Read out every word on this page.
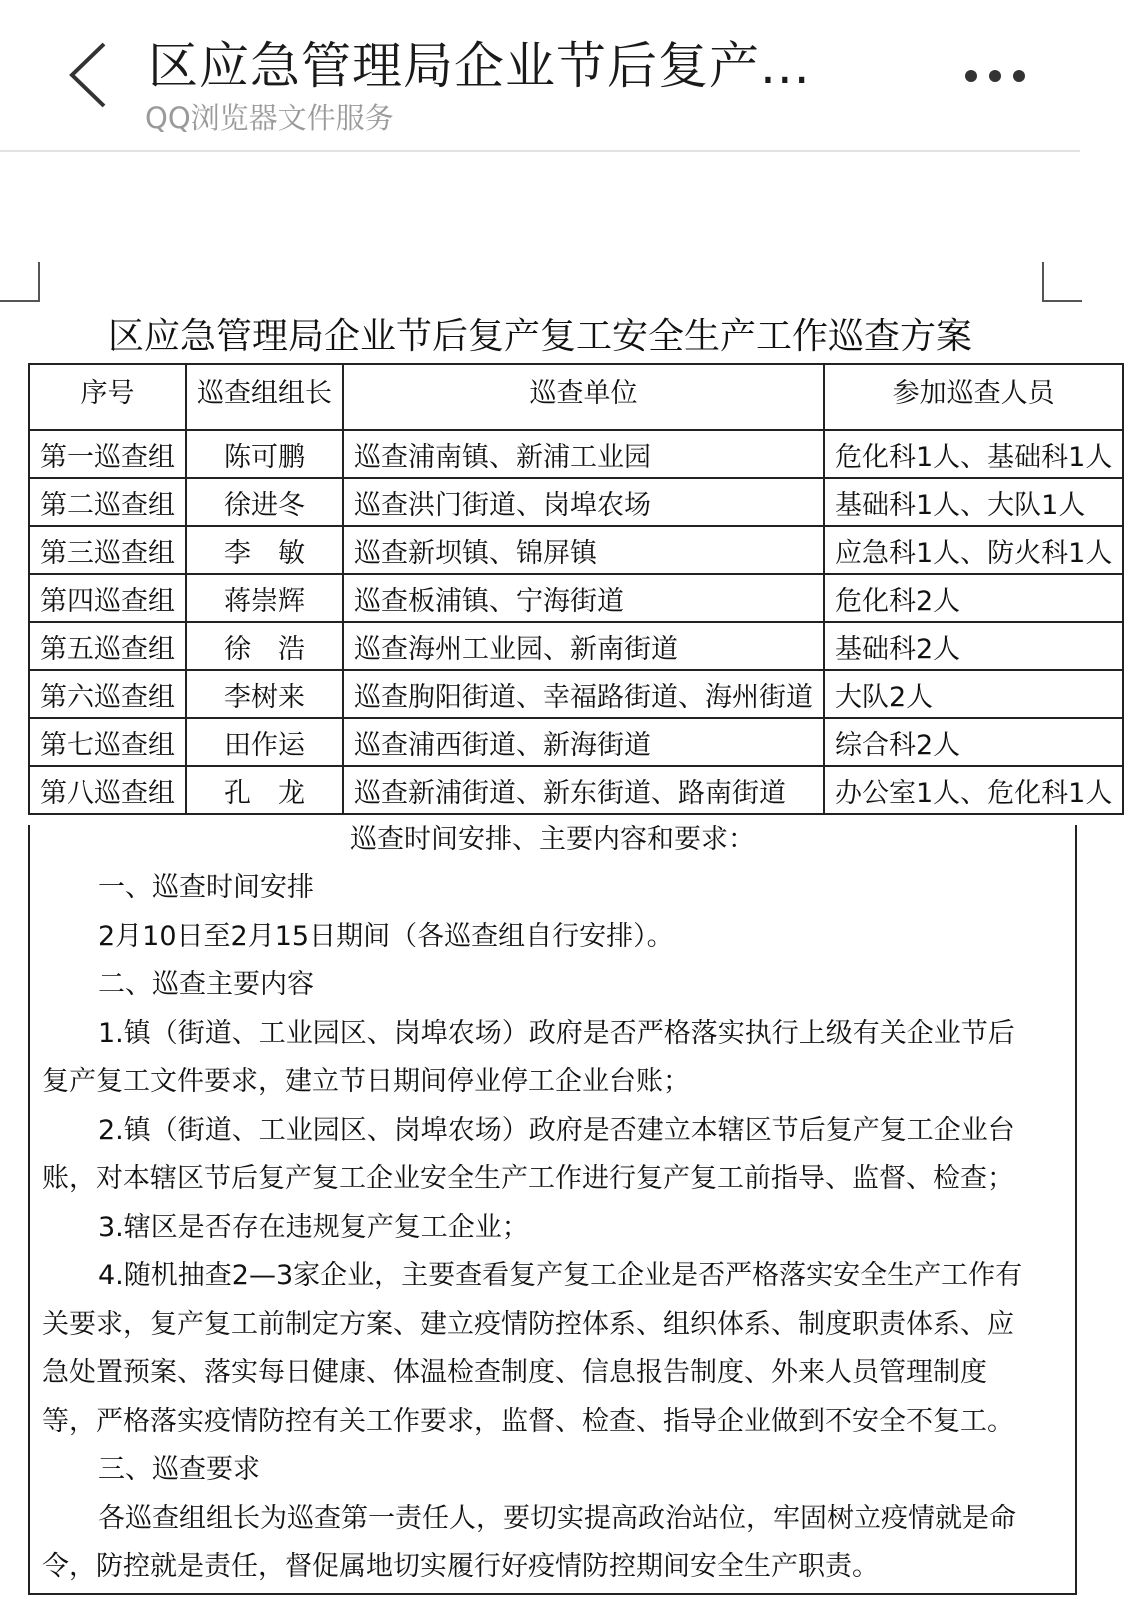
区应急管理局企业节后复产...
QQ浏览器文件服务
区应急管理局企业节后复产复工安全生产工作巡查方案
序号	巡查组组长	巡查单位	参加巡查人员
第一巡查组	陈可鹏	巡查浦南镇、新浦工业园	危化科1人、基础科1人
第二巡查组	徐进冬	巡查洪门街道、岗埠农场	基础科1人、大队1人
第三巡查组	李　敏	巡查新坝镇、锦屏镇	应急科1人、防火科1人
第四巡查组	蒋崇辉	巡查板浦镇、宁海街道	危化科2人
第五巡查组	徐　浩	巡查海州工业园、新南街道	基础科2人
第六巡查组	李树来	巡查朐阳街道、幸福路街道、海州街道	大队2人
第七巡查组	田作运	巡查浦西街道、新海街道	综合科2人
第八巡查组	孔　龙	巡查新浦街道、新东街道、路南街道	办公室1人、危化科1人
巡查时间安排、主要内容和要求：
一、巡查时间安排
2月10日至2月15日期间（各巡查组自行安排）。
二、巡查主要内容
1.镇（街道、工业园区、岗埠农场）政府是否严格落实执行上级有关企业节后
复产复工文件要求，建立节日期间停业停工企业台账；
2.镇（街道、工业园区、岗埠农场）政府是否建立本辖区节后复产复工企业台
账，对本辖区节后复产复工企业安全生产工作进行复产复工前指导、监督、检查；
3.辖区是否存在违规复产复工企业；
4.随机抽查2—3家企业，主要查看复产复工企业是否严格落实安全生产工作有
关要求，复产复工前制定方案、建立疫情防控体系、组织体系、制度职责体系、应
急处置预案、落实每日健康、体温检查制度、信息报告制度、外来人员管理制度
等，严格落实疫情防控有关工作要求，监督、检查、指导企业做到不安全不复工。
三、巡查要求
各巡查组组长为巡查第一责任人，要切实提高政治站位，牢固树立疫情就是命
令，防控就是责任，督促属地切实履行好疫情防控期间安全生产职责。
